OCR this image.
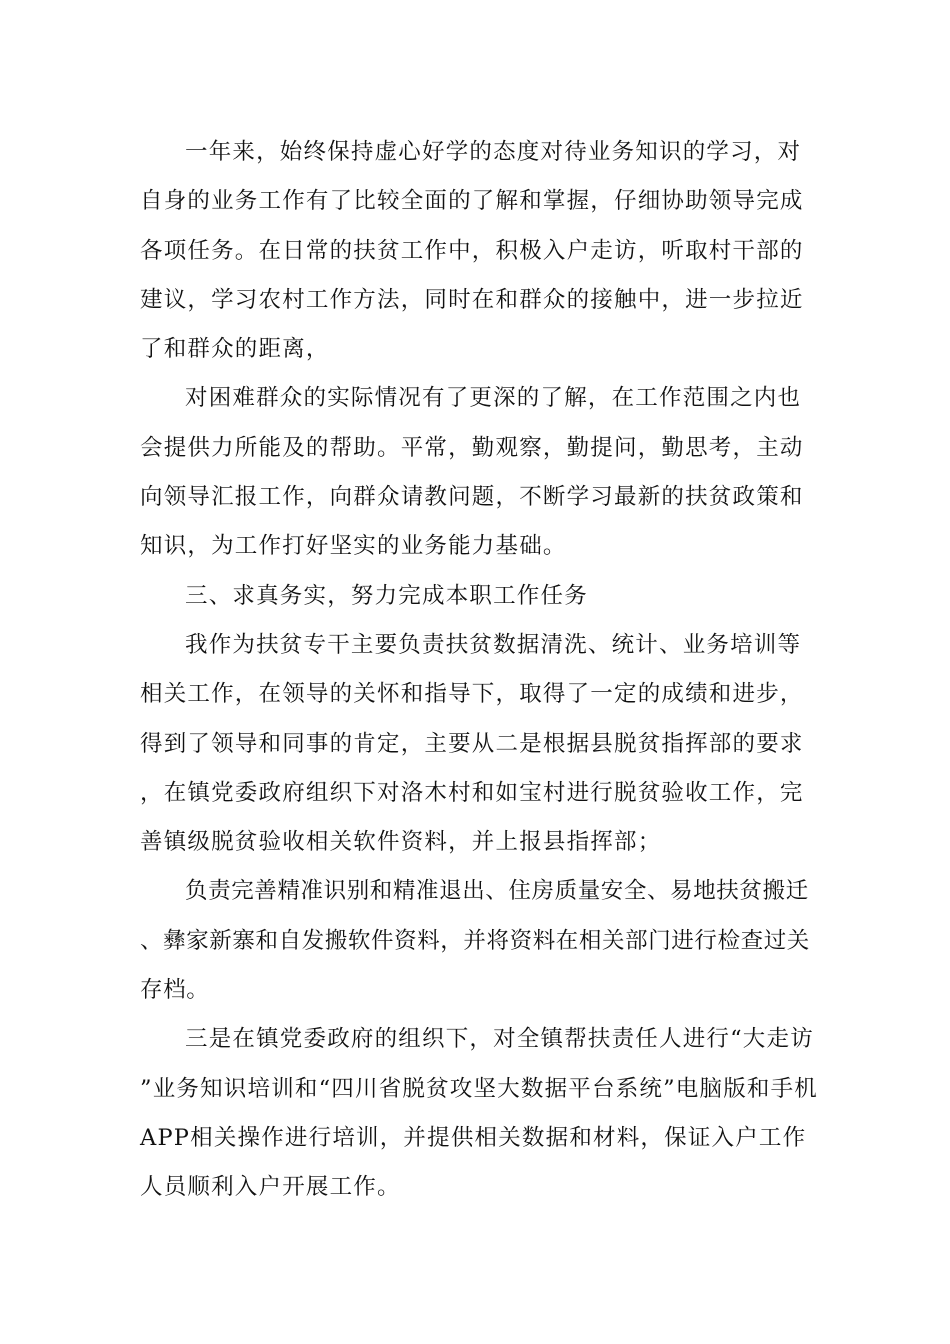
一年来，始终保持虚心好学的态度对待业务知识的学习，对自身的业务工作有了比较全面的了解和掌握，仔细协助领导完成各项任务。在日常的扶贫工作中，积极入户走访，听取村干部的建议，学习农村工作方法，同时在和群众的接触中，进一步拉近了和群众的距离，

对困难群众的实际情况有了更深的了解，在工作范围之内也会提供力所能及的帮助。平常，勤观察，勤提问，勤思考，主动向领导汇报工作，向群众请教问题，不断学习最新的扶贫政策和知识，为工作打好坚实的业务能力基础。

三、求真务实，努力完成本职工作任务

我作为扶贫专干主要负责扶贫数据清洗、统计、业务培训等相关工作，在领导的关怀和指导下，取得了一定的成绩和进步，得到了领导和同事的肯定，主要从二是根据县脱贫指挥部的要求，在镇党委政府组织下对洛木村和如宝村进行脱贫验收工作，完善镇级脱贫验收相关软件资料，并上报县指挥部；

负责完善精准识别和精准退出、住房质量安全、易地扶贫搬迁、彝家新寨和自发搬软件资料，并将资料在相关部门进行检查过关存档。

三是在镇党委政府的组织下，对全镇帮扶责任人进行“大走访”业务知识培训和“四川省脱贫攻坚大数据平台系统”电脑版和手机APP相关操作进行培训，并提供相关数据和材料，保证入户工作人员顺利入户开展工作。
